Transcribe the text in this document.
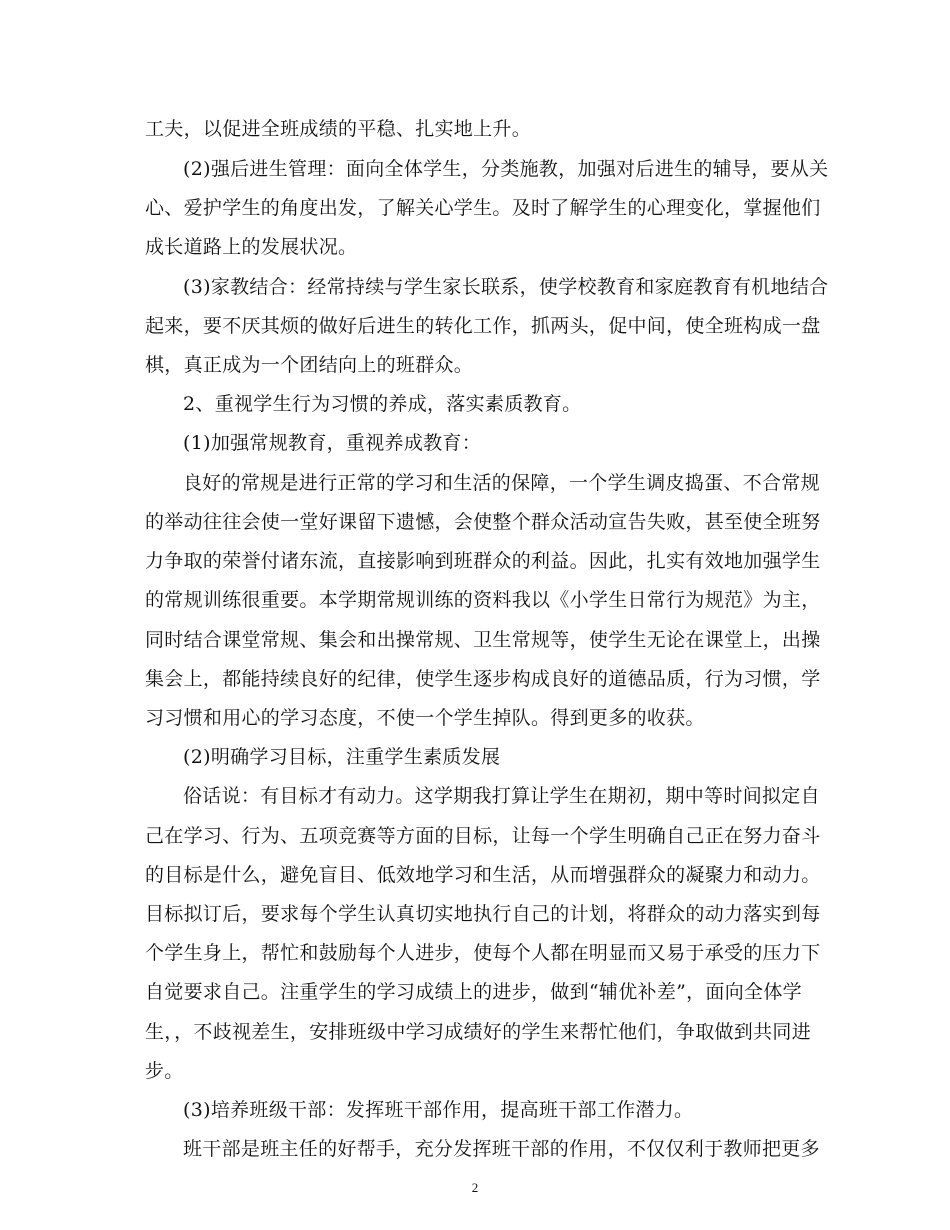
工夫，以促进全班成绩的平稳、扎实地上升。
(2)强后进生管理：面向全体学生，分类施教，加强对后进生的辅导，要从关
心、爱护学生的角度出发，了解关心学生。及时了解学生的心理变化，掌握他们
成长道路上的发展状况。
(3)家教结合：经常持续与学生家长联系，使学校教育和家庭教育有机地结合
起来，要不厌其烦的做好后进生的转化工作，抓两头，促中间，使全班构成一盘
棋，真正成为一个团结向上的班群众。
2、重视学生行为习惯的养成，落实素质教育。
(1)加强常规教育，重视养成教育：
良好的常规是进行正常的学习和生活的保障，一个学生调皮捣蛋、不合常规
的举动往往会使一堂好课留下遗憾，会使整个群众活动宣告失败，甚至使全班努
力争取的荣誉付诸东流，直接影响到班群众的利益。因此，扎实有效地加强学生
的常规训练很重要。本学期常规训练的资料我以《小学生日常行为规范》为主，
同时结合课堂常规、集会和出操常规、卫生常规等，使学生无论在课堂上，出操
集会上，都能持续良好的纪律，使学生逐步构成良好的道德品质，行为习惯，学
习习惯和用心的学习态度，不使一个学生掉队。得到更多的收获。
(2)明确学习目标，注重学生素质发展
俗话说：有目标才有动力。这学期我打算让学生在期初，期中等时间拟定自
己在学习、行为、五项竞赛等方面的目标，让每一个学生明确自己正在努力奋斗
的目标是什么，避免盲目、低效地学习和生活，从而增强群众的凝聚力和动力。
目标拟订后，要求每个学生认真切实地执行自己的计划，将群众的动力落实到每
个学生身上，帮忙和鼓励每个人进步，使每个人都在明显而又易于承受的压力下
自觉要求自己。注重学生的学习成绩上的进步，做到“辅优补差”，面向全体学
生，，不歧视差生，安排班级中学习成绩好的学生来帮忙他们，争取做到共同进
步。
(3)培养班级干部：发挥班干部作用，提高班干部工作潜力。
班干部是班主任的好帮手，充分发挥班干部的作用，不仅仅利于教师把更多
2
